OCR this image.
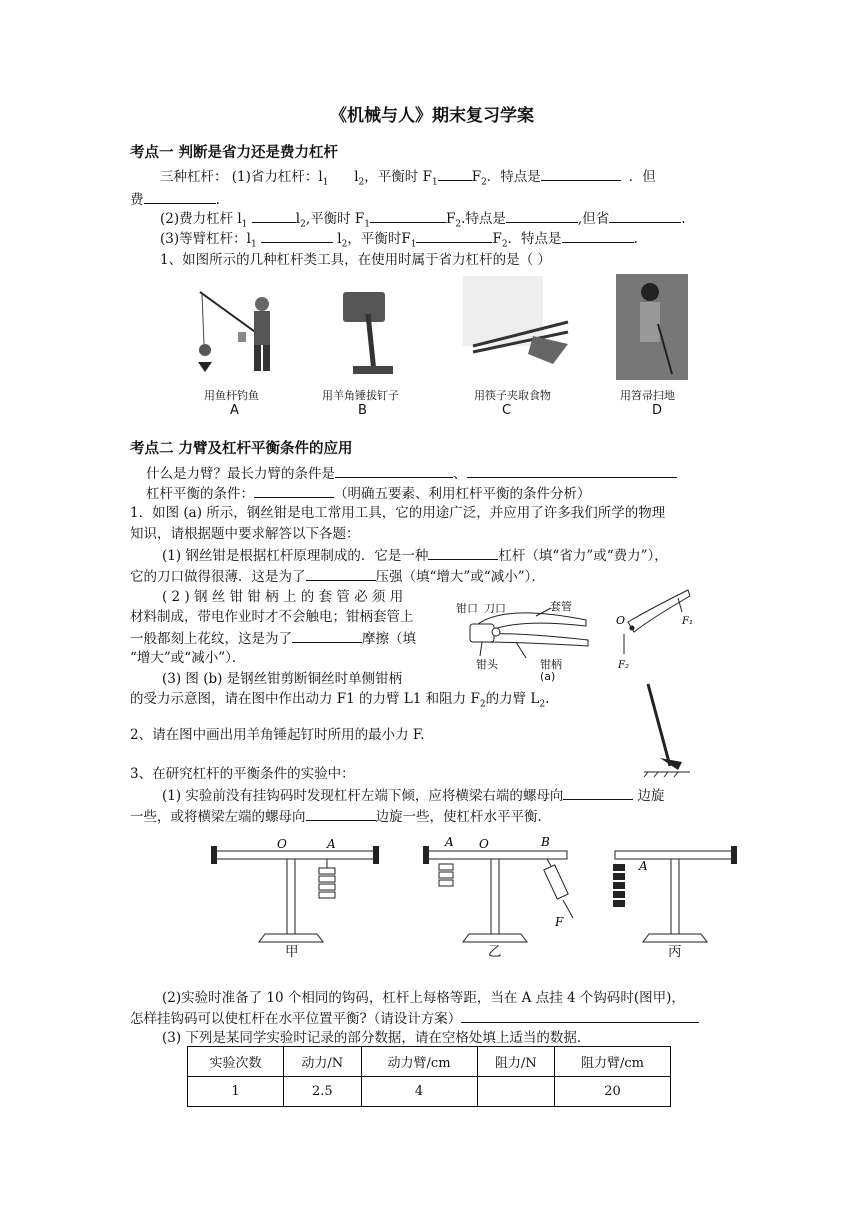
《机械与人》期末复习学案
考点一 判断是省力还是费力杠杆
三种杠杆： (1)省力杠杆：$l_1$ $l_2$，平衡时 $F_1$	$F_2$．特点是	．但
费	.
(2)费力杠杆 $l_1$	$l_2$,平衡时 $F_1$	$F_2$.特点是	,但省	.
(3)等臂杠杆：$l_1$	$l_2$，平衡时$F_1$	$F_2$．特点是	.
1、如图所示的几种杠杆类工具，在使用时属于省力杠杆的是（ ）
用鱼杆钓鱼	用羊角锤拔钉子	用筷子夹取食物	用笤帚扫地
A	B	C	D
考点二 力臂及杠杆平衡条件的应用
什么是力臂？最长力臂的条件是	、
杠杆平衡的条件：	（明确五要素、利用杠杆平衡的条件分析）
1．如图 (a) 所示，钢丝钳是电工常用工具，它的用途广泛，并应用了许多我们所学的物理
知识，请根据题中要求解答以下各题：
(1) 钢丝钳是根据杠杆原理制成的．它是一种	杠杆（填“省力”或“费力”），
它的刀口做得很薄．这是为了	压强（填“增大”或“减小”）．
( 2 ) 钢 丝 钳 钳 柄 上 的 套 管 必 须 用
材料制成，带电作业时才不会触电；钳柄套管上
一般都刻上花纹，这是为了	摩擦（填
“增大”或“减小”）．
(3) 图 (b) 是钢丝钳剪断铜丝时单侧钳柄
的受力示意图，请在图中作出动力 F1 的力臂 L1 和阻力 $F_2$的力臂 $L_2$.
钳口 刀口	套管
钳头	钳柄
(a)
O	F₁
F₂
2、请在图中画出用羊角锤起钉时所用的最小力 F.
3、在研究杠杆的平衡条件的实验中：
(1) 实验前没有挂钩码时发现杠杆左端下倾，应将横梁右端的螺母向	边旋
一些，或将横梁左端的螺母向	边旋一些，使杠杆水平平衡．
O	A	A O	B
F
A
甲	乙	丙
(2)实验时准备了 10 个相同的钩码，杠杆上每格等距，当在 A 点挂 4 个钩码时(图甲)，
怎样挂钩码可以使杠杆在水平位置平衡?（请设计方案）
(3) 下列是某同学实验时记录的部分数据，请在空格处填上适当的数据．
实验次数	动力/N	动力臂/cm	阻力/N	阻力臂/cm
1	2.5	4		20
